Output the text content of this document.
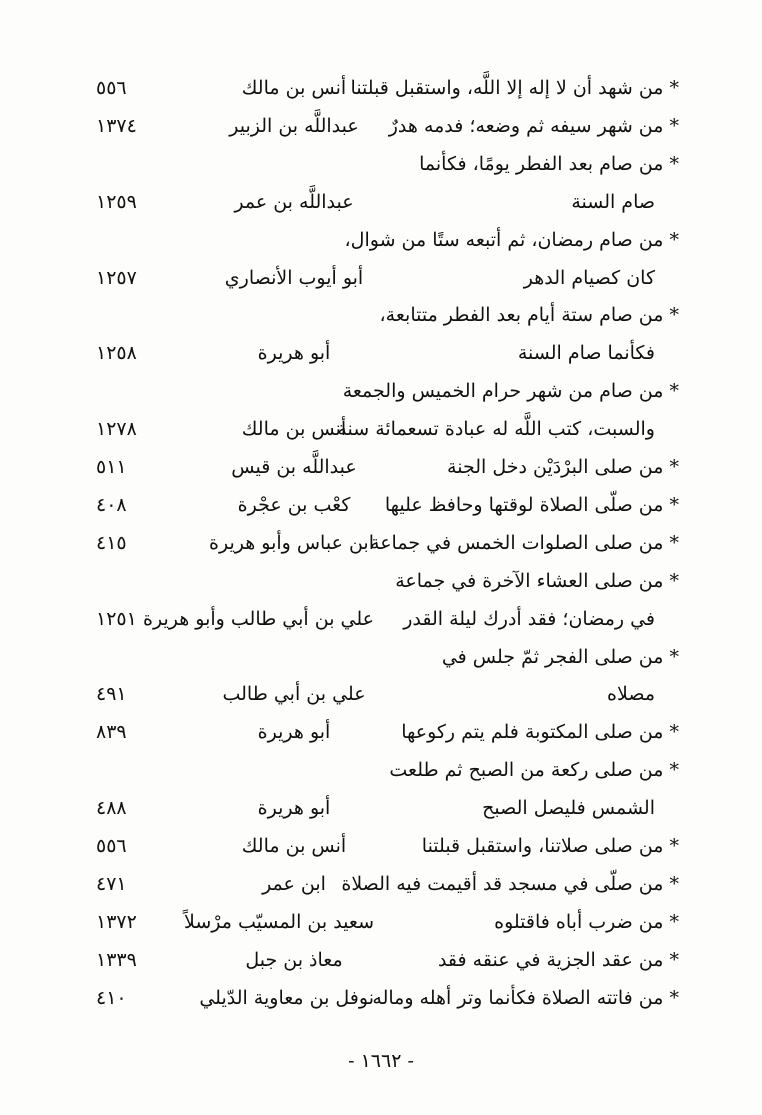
* من شهد أن لا إله إلا اللَّه، واستقبل قبلتنا
أنس بن مالك
٥٥٦
* من شهر سيفه ثم وضعه؛ فدمه هدرٌ
عبداللَّه بن الزبير
١٣٧٤
* من صام بعد الفطر يومًا، فكأنما
صام السنة
عبداللَّه بن عمر
١٢٥٩
* من صام رمضان، ثم أتبعه ستًا من شوال،
كان كصيام الدهر
أبو أيوب الأنصاري
١٢٥٧
* من صام ستة أيام بعد الفطر متتابعة،
فكأنما صام السنة
أبو هريرة
١٢٥٨
* من صام من شهر حرام الخميس والجمعة
والسبت، كتب اللَّه له عبادة تسعمائة سنة
أنس بن مالك
١٢٧٨
* من صلى البرْدَيْن دخل الجنة
عبداللَّه بن قيس
٥١١
* من صلّى الصلاة لوقتها وحافظ عليها
كعْب بن عجْرة
٤٠٨
* من صلى الصلوات الخمس في جماعة
ابن عباس وأبو هريرة
٤١٥
* من صلى العشاء الآخرة في جماعة
في رمضان؛ فقد أدرك ليلة القدر
علي بن أبي طالب وأبو هريرة
١٢٥١
* من صلى الفجر ثمّ جلس في
مصلاه
علي بن أبي طالب
٤٩١
* من صلى المكتوبة فلم يتم ركوعها
أبو هريرة
٨٣٩
* من صلى ركعة من الصبح ثم طلعت
الشمس فليصل الصبح
أبو هريرة
٤٨٨
* من صلى صلاتنا، واستقبل قبلتنا
أنس بن مالك
٥٥٦
* من صلّى في مسجد قد أقيمت فيه الصلاة
ابن عمر
٤٧١
* من ضرب أباه فاقتلوه
سعيد بن المسيّب مرْسلاً
١٣٧٢
* من عقد الجزية في عنقه فقد
معاذ بن جبل
١٣٣٩
* من فاتته الصلاة فكأنما وتر أهله وماله
نوفل بن معاوية الدّيلي
٤١٠
- ١٦٦٢ -
